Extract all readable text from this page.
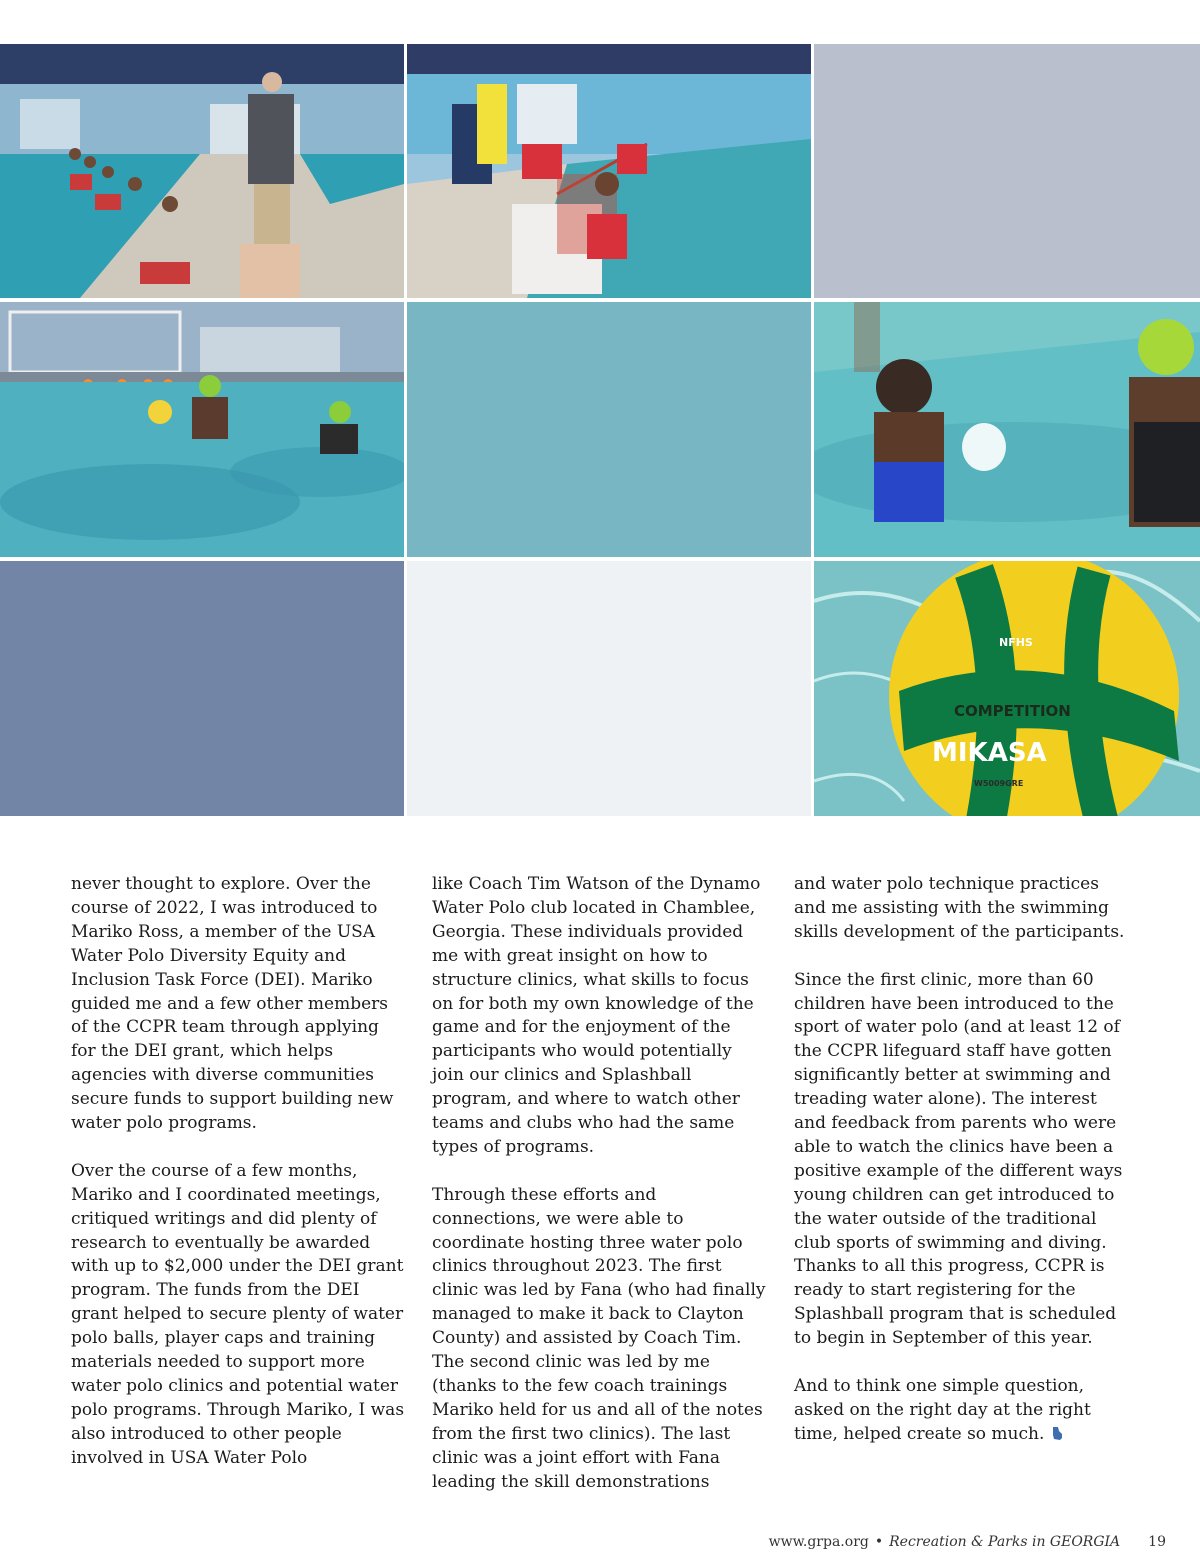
COMPETITION
MIKASA
NFHS
W5009GRE

never thought to explore. Over the course of 2022, I was introduced to Mariko Ross, a member of the USA Water Polo Diversity Equity and Inclusion Task Force (DEI). Mariko guided me and a few other members of the CCPR team through applying for the DEI grant, which helps agencies with diverse communities secure funds to support building new water polo programs.

Over the course of a few months, Mariko and I coordinated meetings, critiqued writings and did plenty of research to eventually be awarded with up to $2,000 under the DEI grant program. The funds from the DEI grant helped to secure plenty of water polo balls, player caps and training materials needed to support more water polo clinics and potential water polo programs. Through Mariko, I was also introduced to other people involved in USA Water Polo

like Coach Tim Watson of the Dynamo Water Polo club located in Chamblee, Georgia. These individuals provided me with great insight on how to structure clinics, what skills to focus on for both my own knowledge of the game and for the enjoyment of the participants who would potentially join our clinics and Splashball program, and where to watch other teams and clubs who had the same types of programs.

Through these efforts and connections, we were able to coordinate hosting three water polo clinics throughout 2023. The first clinic was led by Fana (who had finally managed to make it back to Clayton County) and assisted by Coach Tim. The second clinic was led by me (thanks to the few coach trainings Mariko held for us and all of the notes from the first two clinics). The last clinic was a joint effort with Fana leading the skill demonstrations

and water polo technique practices and me assisting with the swimming skills development of the participants.

Since the first clinic, more than 60 children have been introduced to the sport of water polo (and at least 12 of the CCPR lifeguard staff have gotten significantly better at swimming and treading water alone). The interest and feedback from parents who were able to watch the clinics have been a positive example of the different ways young children can get introduced to the water outside of the traditional club sports of swimming and diving. Thanks to all this progress, CCPR is ready to start registering for the Splashball program that is scheduled to begin in September of this year.

And to think one simple question, asked on the right day at the right time, helped create so much.

www.grpa.org • Recreation & Parks in GEORGIA 19
